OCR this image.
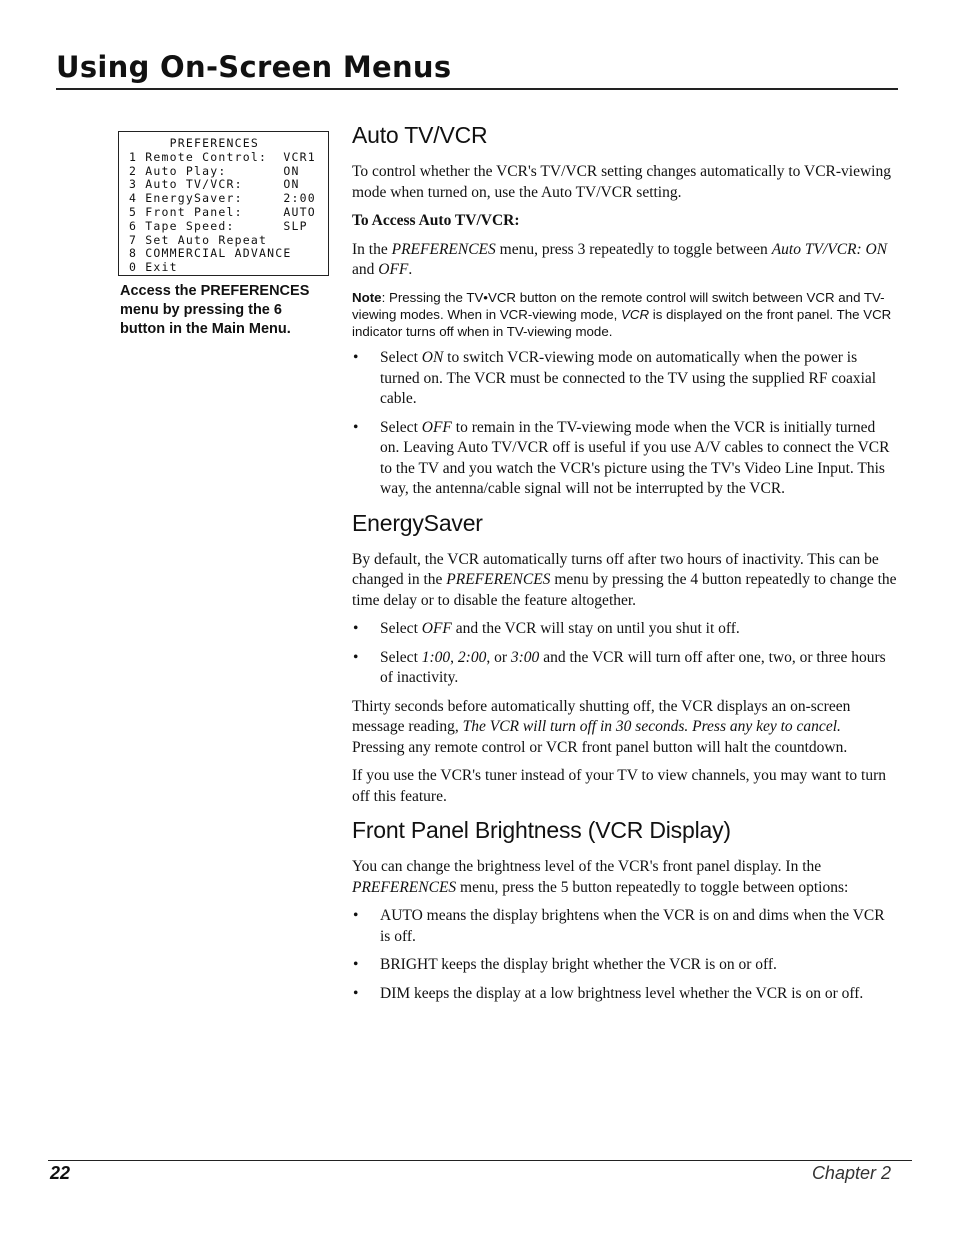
Using On-Screen Menus
PREFERENCES
1 Remote Control:  VCR1
2 Auto Play:       ON
3 Auto TV/VCR:     ON
4 EnergySaver:     2:00
5 Front Panel:     AUTO
6 Tape Speed:      SLP
7 Set Auto Repeat
8 COMMERCIAL ADVANCE
0 Exit
Access the PREFERENCES menu by pressing the 6 button in the Main Menu.
Auto TV/VCR

To control whether the VCR's TV/VCR setting changes automatically to VCR-viewing mode when turned on, use the Auto TV/VCR setting.

To Access Auto TV/VCR:

In the PREFERENCES menu, press 3 repeatedly to toggle between Auto TV/VCR: ON and OFF.

Note: Pressing the TV•VCR button on the remote control will switch between VCR and TV-viewing modes. When in VCR-viewing mode, VCR is displayed on the front panel. The VCR indicator turns off when in TV-viewing mode.

• Select ON to switch VCR-viewing mode on automatically when the power is turned on. The VCR must be connected to the TV using the supplied RF coaxial cable.
• Select OFF to remain in the TV-viewing mode when the VCR is initially turned on. Leaving Auto TV/VCR off is useful if you use A/V cables to connect the VCR to the TV and you watch the VCR's picture using the TV's Video Line Input. This way, the antenna/cable signal will not be interrupted by the VCR.
EnergySaver

By default, the VCR automatically turns off after two hours of inactivity. This can be changed in the PREFERENCES menu by pressing the 4 button repeatedly to change the time delay or to disable the feature altogether.

• Select OFF and the VCR will stay on until you shut it off.
• Select 1:00, 2:00, or 3:00 and the VCR will turn off after one, two, or three hours of inactivity.

Thirty seconds before automatically shutting off, the VCR displays an on-screen message reading, The VCR will turn off in 30 seconds. Press any key to cancel. Pressing any remote control or VCR front panel button will halt the countdown.

If you use the VCR's tuner instead of your TV to view channels, you may want to turn off this feature.

Front Panel Brightness (VCR Display)

You can change the brightness level of the VCR's front panel display. In the PREFERENCES menu, press the 5 button repeatedly to toggle between options:

• AUTO means the display brightens when the VCR is on and dims when the VCR is off.
• BRIGHT keeps the display bright whether the VCR is on or off.
• DIM keeps the display at a low brightness level whether the VCR is on or off.
22	Chapter 2
